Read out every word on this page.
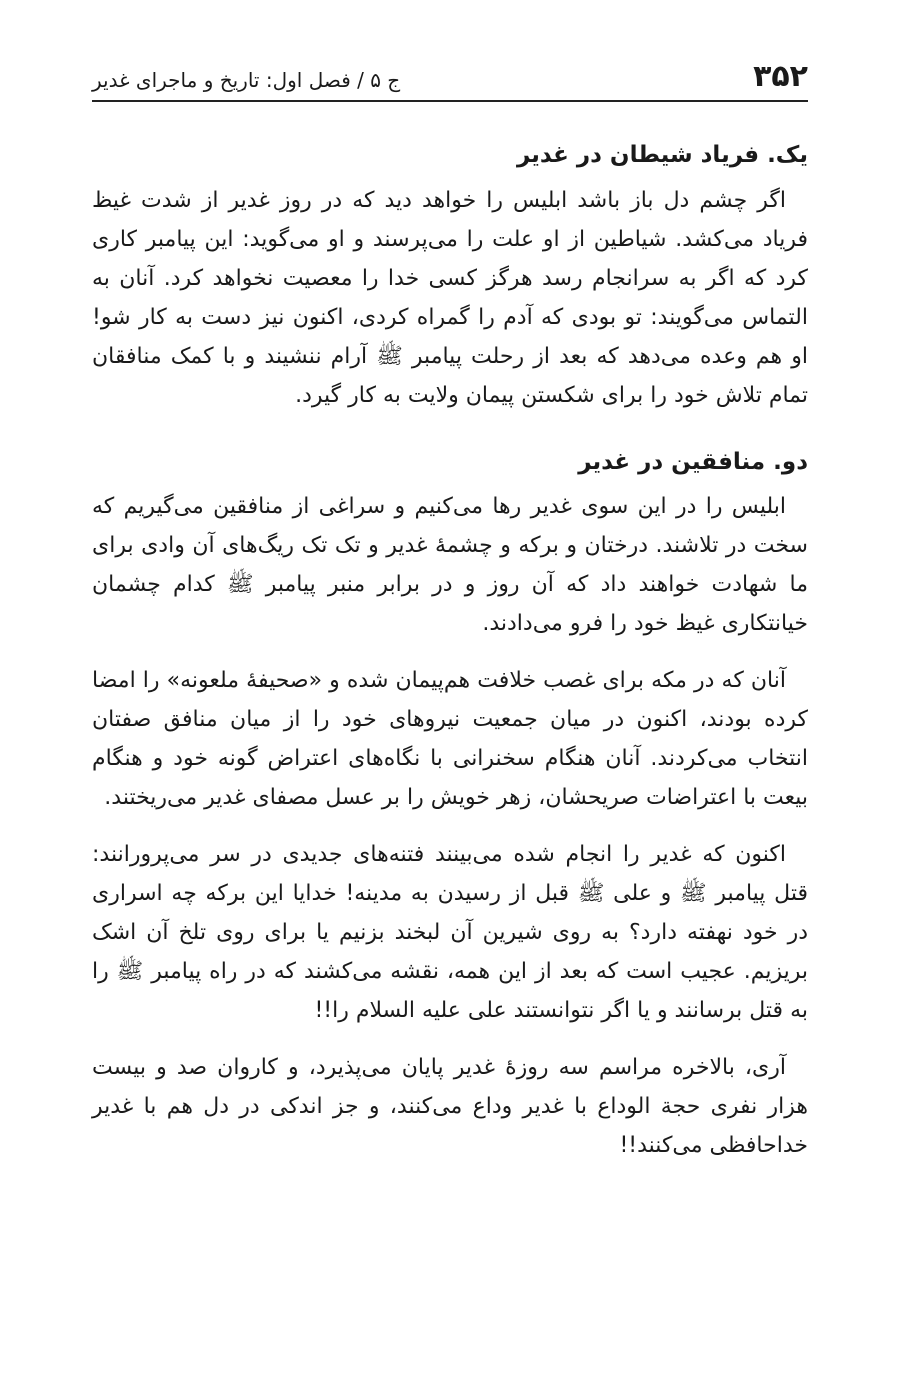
۳۵۲
ج ۵ / فصل اول: تاریخ و ماجرای غدیر
یک. فریاد شیطان در غدیر

اگر چشم دل باز باشد ابلیس را خواهد دید که در روز غدیر از شدت غیظ فریاد می‌کشد. شیاطین از او علت را می‌پرسند و او می‌گوید: این پیامبر کاری کرد که اگر به سرانجام رسد هرگز کسی خدا را معصیت نخواهد کرد. آنان به التماس می‌گویند: تو بودی که آدم را گمراه کردی، اکنون نیز دست به کار شو! او هم وعده می‌دهد که بعد از رحلت پیامبر ﷺ آرام ننشیند و با کمک منافقان تمام تلاش خود را برای شکستن پیمان ولایت به کار گیرد.

دو. منافقین در غدیر

ابلیس را در این سوی غدیر رها می‌کنیم و سراغی از منافقین می‌گیریم که سخت در تلاشند. درختان و برکه و چشمهٔ غدیر و تک تک ریگ‌های آن وادی برای ما شهادت خواهند داد که آن روز و در برابر منبر پیامبر ﷺ کدام چشمان خیانتکاری غیظ خود را فرو می‌دادند.

آنان که در مکه برای غصب خلافت هم‌پیمان شده و «صحیفهٔ ملعونه» را امضا کرده بودند، اکنون در میان جمعیت نیروهای خود را از میان منافق صفتان انتخاب می‌کردند. آنان هنگام سخنرانی با نگاه‌های اعتراض گونه خود و هنگام بیعت با اعتراضات صریحشان، زهر خویش را بر عسل مصفای غدیر می‌ریختند.

اکنون که غدیر را انجام شده می‌بینند فتنه‌های جدیدی در سر می‌پرورانند: قتل پیامبر ﷺ و علی ﷺ قبل از رسیدن به مدینه! خدایا این برکه چه اسراری در خود نهفته دارد؟ به روی شیرین آن لبخند بزنیم یا برای روی تلخ آن اشک بریزیم. عجیب است که بعد از این همه، نقشه می‌کشند که در راه پیامبر ﷺ را به قتل برسانند و یا اگر نتوانستند علی علیه السلام را!!

آری، بالاخره مراسم سه روزهٔ غدیر پایان می‌پذیرد، و کاروان صد و بیست هزار نفری حجة الوداع با غدیر وداع می‌کنند، و جز اندکی در دل هم با غدیر خداحافظی می‌کنند!!
